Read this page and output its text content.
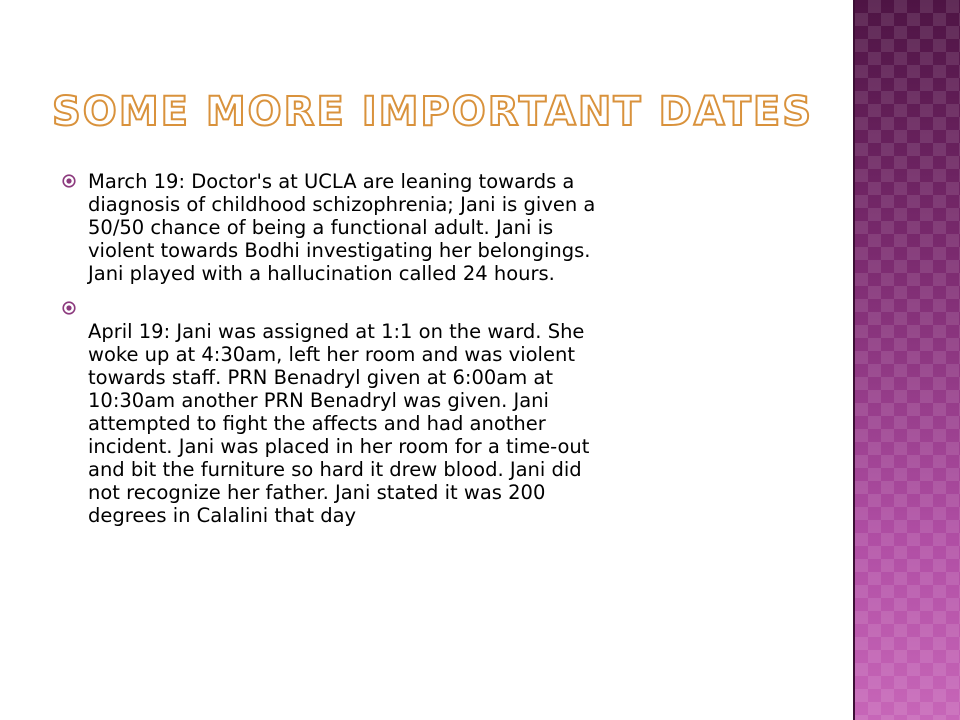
SOME MORE IMPORTANT DATES
March 19: Doctor's at UCLA are leaning towards a
diagnosis of childhood schizophrenia; Jani is given a
50/50 chance of being a functional adult. Jani is
violent towards Bodhi investigating her belongings.
Jani played with a hallucination called 24 hours.
April 19: Jani was assigned at 1:1 on the ward. She
woke up at 4:30am, left her room and was violent
towards staff. PRN Benadryl given at 6:00am at
10:30am another PRN Benadryl was given. Jani
attempted to fight the affects and had another
incident. Jani was placed in her room for a time-out
and bit the furniture so hard it drew blood. Jani did
not recognize her father. Jani stated it was 200
degrees in Calalini that day
